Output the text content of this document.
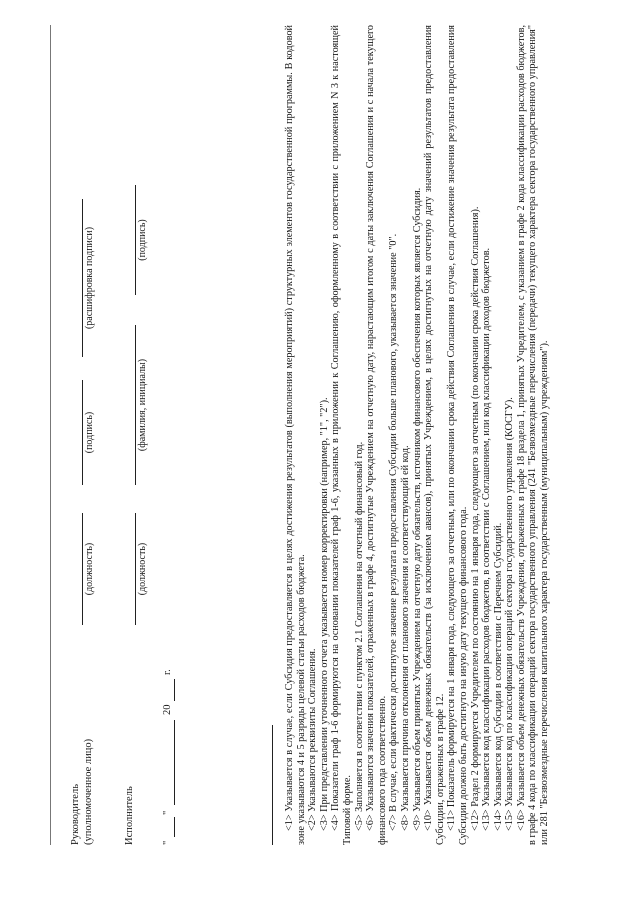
Руководитель (уполномоченное лицо)
(должность)
(подпись)
(расшифровка подписи)
Исполнитель
(должность)
(фамилия, инициалы)
(подпись)
"
"
20
г.	<1> Указывается в случае, если Субсидия предоставляется в целях достижения результатов (выполнения мероприятий) структурных элементов государственной программы. В кодовой зоне указываются 4 и 5 разряды целевой статьи расходов бюджета. <2> Указываются реквизиты Соглашения. <3> При представлении уточненного отчета указывается номер корректировки (например, "1", "2"). <4> Показатели граф 1-6 формируются на основании показателей граф 1-6, указанных в приложении к Соглашению, оформленному в соответствии с приложением N 3 к настоящей Типовой форме. <5> Заполняется в соответствии с пунктом 2.1 Соглашения на отчетный финансовый год. <6> Указываются значения показателей, отраженных в графе 4, достигнутые Учреждением на отчетную дату, нарастающим итогом с даты заключения Соглашения и с начала текущего финансового года соответственно. <7> В случае, если фактически достигнутое значение результата предоставления Субсидии больше планового, указывается значение "0". <8> Указывается причина отклонения от планового значения и соответствующий ей код. <9> Указывается объем принятых Учреждением на отчетную дату обязательств, источником финансового обеспечения которых является Субсидия. <10> Указывается объем денежных обязательств (за исключением авансов), принятых Учреждением, в целях достигнутых на отчетную дату значений результатов предоставления Субсидии, отраженных в графе 12. <11> Показатель формируется на 1 января года, следующего за отчетным, или по окончании срока действия Соглашения в случае, если достижение значения результата предоставления Субсидии должно быть достигнуто на иную дату текущего финансового года. <12> Раздел 2 формируется Учредителем по состоянию на 1 января года, следующего за отчетным (по окончании срока действия Соглашения). <13> Указывается код классификации расходов бюджетов, в соответствии с Соглашением, или код классификации доходов бюджетов. <14> Указывается код Субсидии в соответствии с Перечнем Субсидий. <15> Указывается код по классификации операций сектора государственного управления (КОСГУ). <16> Указывается объем денежных обязательств Учреждения, отраженных в графе 18 раздела 1, принятых Учредителем, с указанием в графе 2 кода классификации расходов бюджетов, в графе 4 кода по классификации операций сектора государственного управления (241 "Безвозмездные перечисления (передачи) текущего характера сектора государственного управления" или 281 "Безвозмездные перечисления капитального характера государственным (муниципальным) учреждениям").
